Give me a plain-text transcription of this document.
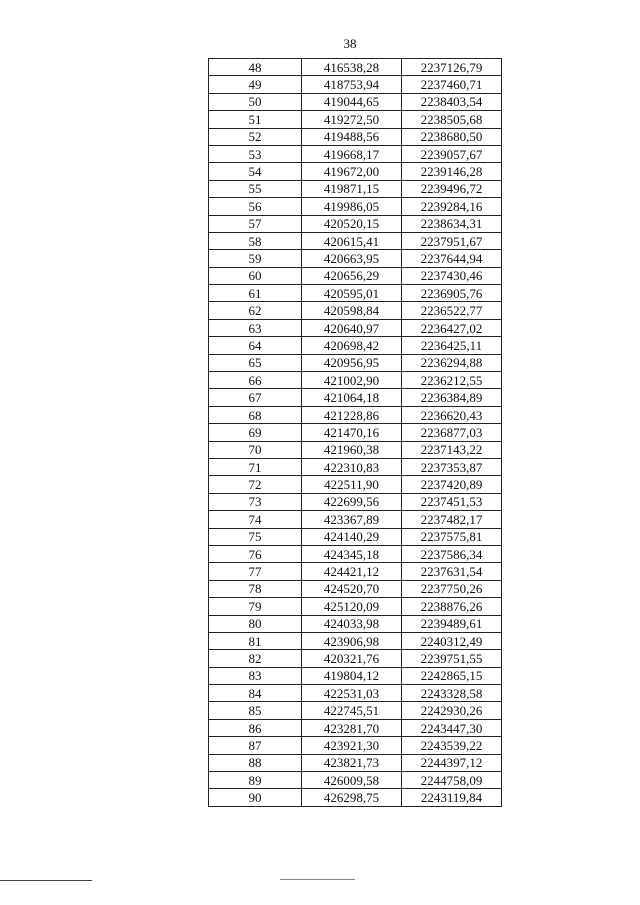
38
48	416538,28	2237126,79
49	418753,94	2237460,71
50	419044,65	2238403,54
51	419272,50	2238505,68
52	419488,56	2238680,50
53	419668,17	2239057,67
54	419672,00	2239146,28
55	419871,15	2239496,72
56	419986,05	2239284,16
57	420520,15	2238634,31
58	420615,41	2237951,67
59	420663,95	2237644,94
60	420656,29	2237430,46
61	420595,01	2236905,76
62	420598,84	2236522,77
63	420640,97	2236427,02
64	420698,42	2236425,11
65	420956,95	2236294,88
66	421002,90	2236212,55
67	421064,18	2236384,89
68	421228,86	2236620,43
69	421470,16	2236877,03
70	421960,38	2237143,22
71	422310,83	2237353,87
72	422511,90	2237420,89
73	422699,56	2237451,53
74	423367,89	2237482,17
75	424140,29	2237575,81
76	424345,18	2237586,34
77	424421,12	2237631,54
78	424520,70	2237750,26
79	425120,09	2238876,26
80	424033,98	2239489,61
81	423906,98	2240312,49
82	420321,76	2239751,55
83	419804,12	2242865,15
84	422531,03	2243328,58
85	422745,51	2242930,26
86	423281,70	2243447,30
87	423921,30	2243539,22
88	423821,73	2244397,12
89	426009,58	2244758,09
90	426298,75	2243119,84
